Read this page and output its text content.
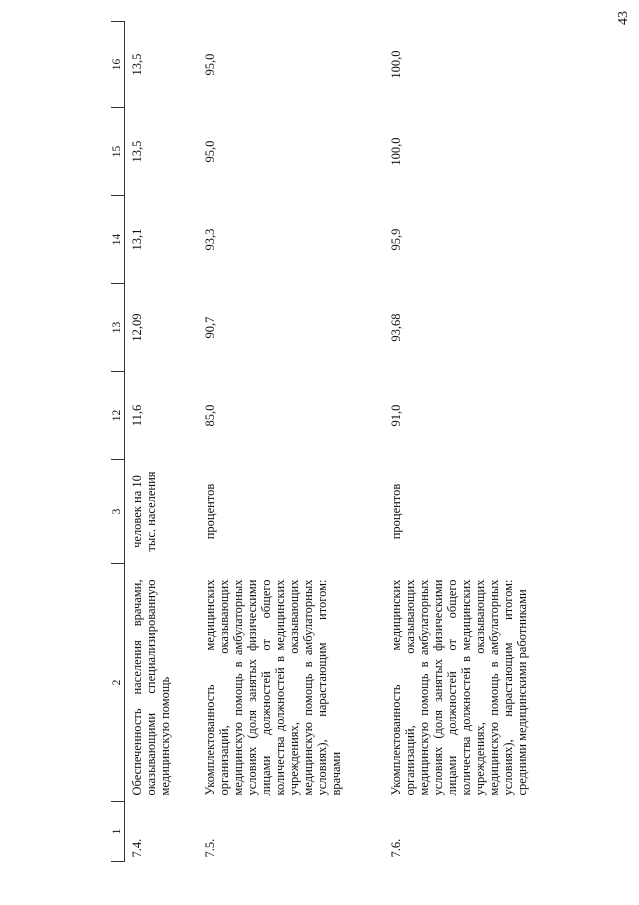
43
1	2	3	12	13	14	15	16
7.4.	Обеспеченность населения врачами, оказывающими специализированную медицинскую помощь	человек на 10 тыс. населения	11,6	12,09	13,1	13,5	13,5
7.5.	Укомплектованность медицинских организаций, оказывающих медицинскую помощь в амбулаторных условиях (доля занятых физическими лицами должностей от общего количества должностей в медицинских учреждениях, оказывающих медицинскую помощь в амбулаторных условиях), нарастающим итогом: врачами	процентов	85,0	90,7	93,3	95,0	95,0
7.6.	Укомплектованность медицинских организаций, оказывающих медицинскую помощь в амбулаторных условиях (доля занятых физическими лицами должностей от общего количества должностей в медицинских учреждениях, оказывающих медицинскую помощь в амбулаторных условиях), нарастающим итогом: средними медицинскими работниками	процентов	91,0	93,68	95,9	100,0	100,0
